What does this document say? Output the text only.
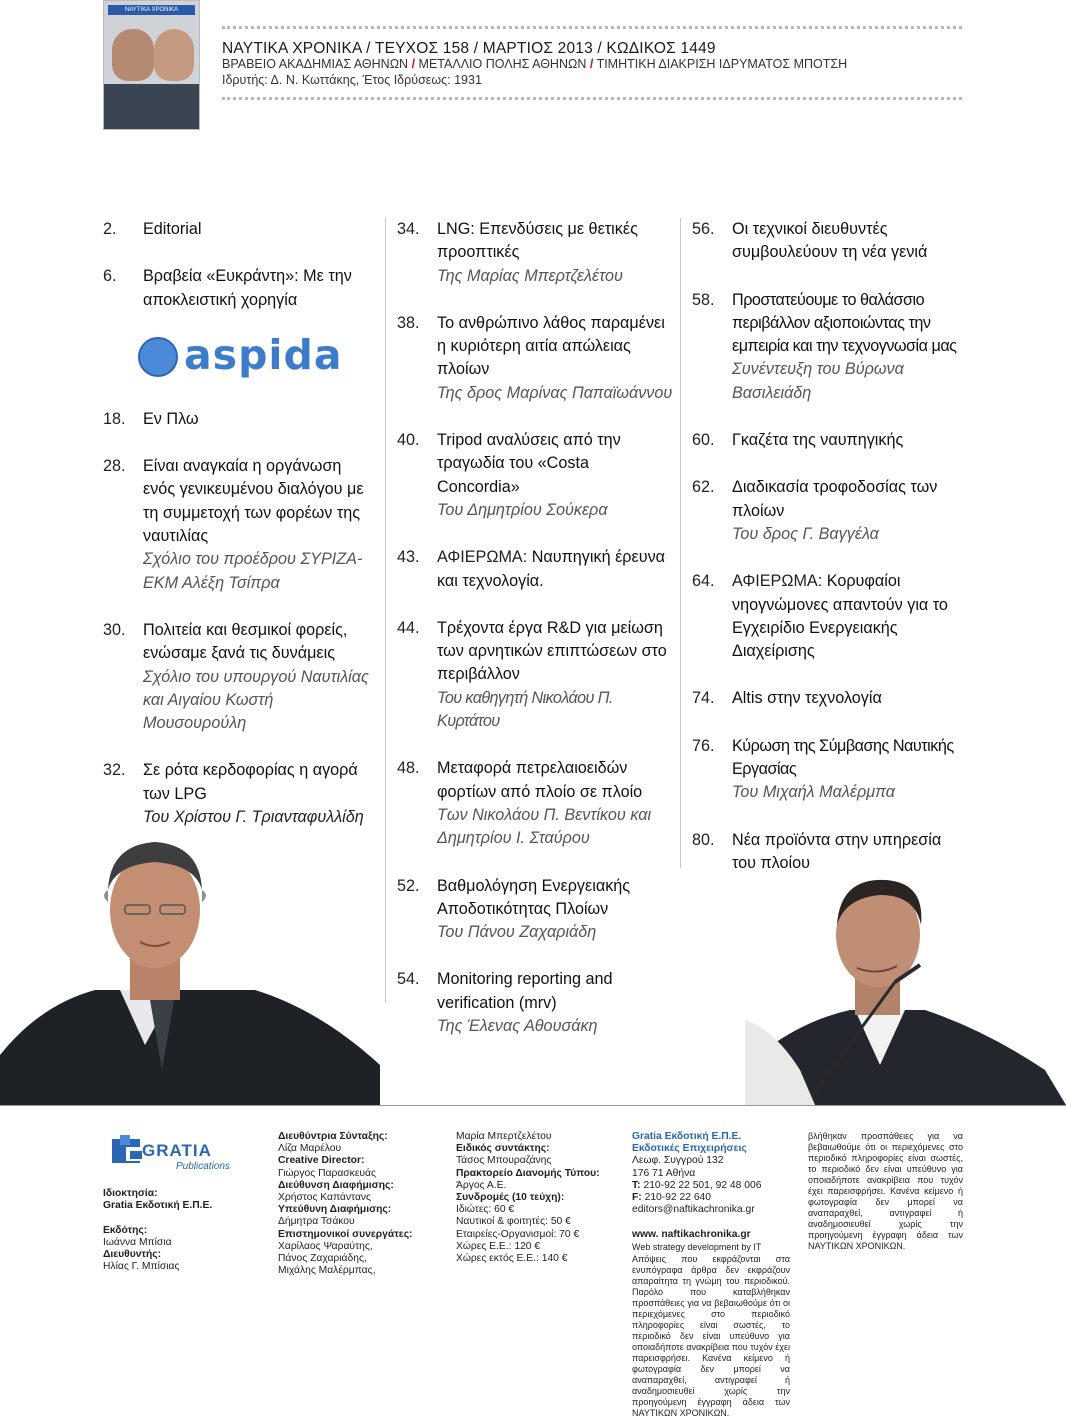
ΝΑΥΤΙΚΑ ΧΡΟΝΙΚΑ
ΝΑΥΤΙΚΑ ΧΡΟΝΙΚΑ / ΤΕΥΧΟΣ 158 / ΜΑΡΤΙΟΣ 2013 / ΚΩΔΙΚΟΣ 1449
ΒΡΑΒΕΙΟ ΑΚΑΔΗΜΙΑΣ ΑΘΗΝΩΝ / ΜΕΤΑΛΛΙΟ ΠΟΛΗΣ ΑΘΗΝΩΝ / ΤΙΜΗΤΙΚΗ ΔΙΑΚΡΙΣΗ ΙΔΡΥΜΑΤΟΣ ΜΠΟΤΣΗ
Ιδρυτής: Δ. Ν. Κωττάκης, Έτος Ιδρύσεως: 1931
2.	Editorial
6.	Βραβεία «Ευκράντη»: Με την αποκλειστική χορηγία
18.	Εν Πλω
28.	Είναι αναγκαία η οργάνωση ενός γενικευμένου διαλόγου με τη συμμετοχή των φορέων της ναυτιλίας
Σχόλιο του προέδρου ΣΥΡΙΖΑ-ΕΚΜ Αλέξη Τσίπρα
30.	Πολιτεία και θεσμικοί φορείς, ενώσαμε ξανά τις δυνάμεις
Σχόλιο του υπουργού Ναυτιλίας και Αιγαίου Κωστή Μουσουρούλη
32.	Σε ρότα κερδοφορίας η αγορά των LPG
Του Χρίστου Γ. Τριανταφυλλίδη
aspida
34.	LNG: Επενδύσεις με θετικές προοπτικές
Της Μαρίας Μπερτζελέτου
38.	Το ανθρώπινο λάθος παραμένει η κυριότερη αιτία απώλειας πλοίων
Της δρος Μαρίνας Παπαϊωάννου
40.	Tripod αναλύσεις από την τραγωδία του «Costa Concordia»
Του Δημητρίου Σούκερα
43.	ΑΦΙΕΡΩΜΑ: Ναυπηγική έρευνα και τεχνολογία.
44.	Τρέχοντα έργα R&D για μείωση των αρνητικών επιπτώσεων στο περιβάλλον
Του καθηγητή Νικολάου Π. Κυρτάτου
48.	Μεταφορά πετρελαιοειδών φορτίων από πλοίο σε πλοίο
Των Νικολάου Π. Βεντίκου και Δημητρίου Ι. Σταύρου
52.	Βαθμολόγηση Ενεργειακής Αποδοτικότητας Πλοίων
Του Πάνου Ζαχαριάδη
54.	Monitoring reporting and verification (mrv)
Της Έλενας Αθουσάκη
56.	Οι τεχνικοί διευθυντές συμβουλεύουν τη νέα γενιά
58.	Προστατεύουμε το θαλάσσιο περιβάλλον αξιοποιώντας την εμπειρία και την τεχνογνωσία μας
Συνέντευξη του Βύρωνα Βασιλειάδη
60.	Γκαζέτα της ναυπηγικής
62.	Διαδικασία τροφοδοσίας των πλοίων
Του δρος Γ. Βαγγέλα
64.	ΑΦΙΕΡΩΜΑ: Κορυφαίοι νηογνώμονες απαντούν για το Εγχειρίδιο Ενεργειακής Διαχείρισης
74.	Altis στην τεχνολογία
76.	Κύρωση της Σύμβασης Ναυτικής Εργασίας
Του Μιχαήλ Μαλέρμπα
80.	Νέα προϊόντα στην υπηρεσία του πλοίου
GRATIA
Publications
Ιδιοκτησία:
Gratia Εκδοτική Ε.Π.Ε.

Εκδότης:
Ιωάννα Μπίσια
Διευθυντής:
Ηλίας Γ. Μπίσιας
Διευθύντρια Σύνταξης:
Λίζα Μαρέλου
Creative Director:
Γιώργος Παρασκευάς
Διεύθυνση Διαφήμισης:
Χρήστος Καπάντανς
Υπεύθυνη Διαφήμισης:
Δήμητρα Τσάκου
Επιστημονικοί συνεργάτες:
Χαρίλαος Ψαραύτης,
Πάνος Ζαχαριάδης,
Μιχάλης Μαλέρμπας,
Μαρία Μπερτζελέτου
Ειδικός συντάκτης:
Τάσος Μπουραζάνης
Πρακτορείο Διανομής Τύπου:
Άργος Α.Ε.
Συνδρομές (10 τεύχη):
Ιδιώτες: 60 €
Ναυτικοί & φοιτητές: 50 €
Εταιρείες-Οργανισμοί: 70 €
Χώρες Ε.Ε.: 120 €
Χώρες εκτός Ε.Ε.: 140 €
Gratia Εκδοτική Ε.Π.Ε.
Εκδοτικές Επιχειρήσεις
Λεωφ. Συγγρού 132
176 71 Αθήνα
Τ: 210-92 22 501, 92 48 006
F: 210-92 22 640
editors@naftikachronika.gr

www. naftikachronika.gr
Web strategy development by IT
Απόψεις που εκφράζονται στα ενυπόγραφα άρθρα δεν εκφράζουν απαραίτητα τη γνώμη του περιοδικού. Παρόλο που καταβλήθηκαν προσπάθειες για να βεβαιωθούμε ότι οι περιεχόμενες στο περιοδικό πληροφορίες είναι σωστές, το περιοδικό δεν είναι υπεύθυνο για οποιαδήποτε ανακρίβεια που τυχόν έχει παρεισφρήσει. Κανένα κείμενο ή φωτογραφία δεν μπορεί να αναπαραχθεί, αντιγραφεί ή αναδημοσιευθεί χωρίς την προηγούμενη έγγραφη άδεια των ΝΑΥΤΙΚΩΝ ΧΡΟΝΙΚΩΝ.
βλήθηκαν προσπάθειες για να βεβαιωθούμε ότι οι περιεχόμενες στο περιοδικό πληροφορίες είναι σωστές, το περιοδικό δεν είναι υπεύθυνο για οποιαδήποτε ανακρίβεια που τυχόν έχει παρεισφρήσει. Κανένα κείμενο ή φωτογραφία δεν μπορεί να αναπαραχθεί, αντιγραφεί ή αναδημοσιευθεί χωρίς την προηγούμενη έγγραφη άδεια των ΝΑΥΤΙΚΩΝ ΧΡΟΝΙΚΩΝ.
